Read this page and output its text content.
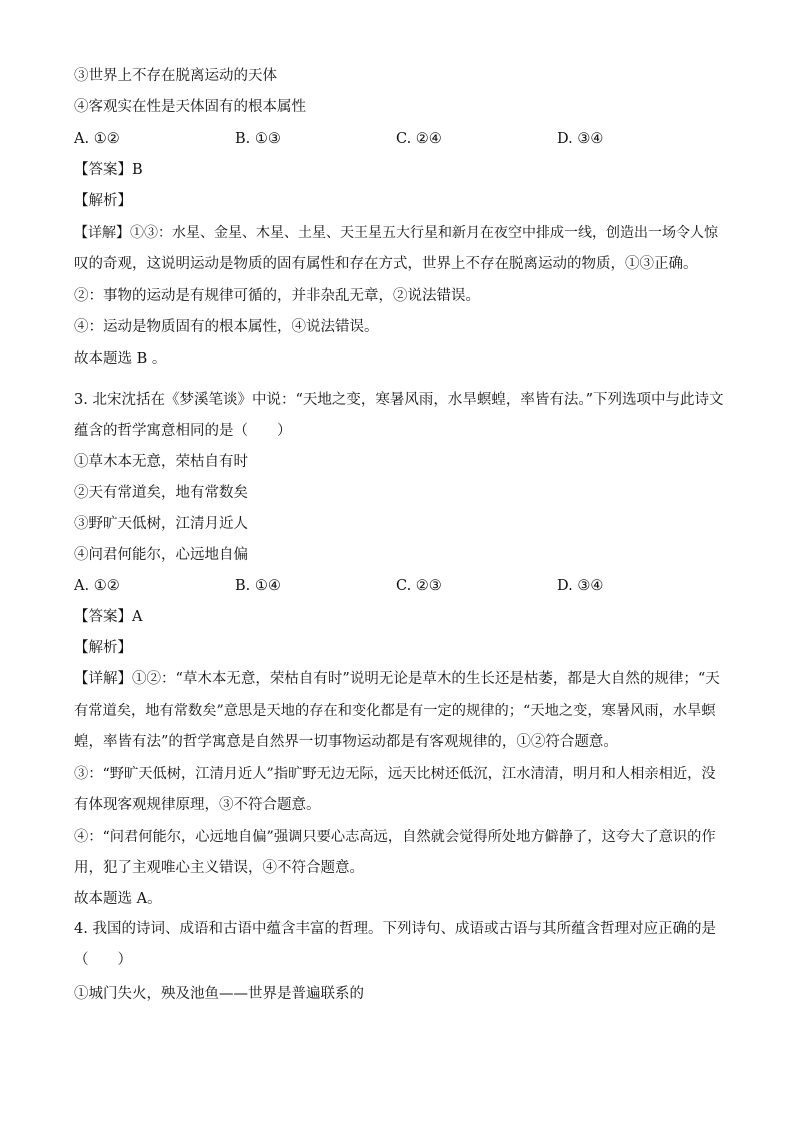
③世界上不存在脱离运动的天体
④客观实在性是天体固有的根本属性
A. ①②	B. ①③	C. ②④	D. ③④
【答案】B
【解析】
【详解】①③：水星、金星、木星、土星、天王星五大行星和新月在夜空中排成一线，创造出一场令人惊
叹的奇观，这说明运动是物质的固有属性和存在方式，世界上不存在脱离运动的物质，①③正确。
②：事物的运动是有规律可循的，并非杂乱无章，②说法错误。
④：运动是物质固有的根本属性，④说法错误。
故本题选 B 。
3. 北宋沈括在《梦溪笔谈》中说：“天地之变，寒暑风雨，水旱螟蝗，率皆有法。”下列选项中与此诗文
蕴含的哲学寓意相同的是（　　）
①草木本无意，荣枯自有时
②天有常道矣，地有常数矣
③野旷天低树，江清月近人
④问君何能尔，心远地自偏
A. ①②	B. ①④	C. ②③	D. ③④
【答案】A
【解析】
【详解】①②：“草木本无意，荣枯自有时”说明无论是草木的生长还是枯萎，都是大自然的规律；“天
有常道矣，地有常数矣”意思是天地的存在和变化都是有一定的规律的；“天地之变，寒暑风雨，水旱螟
蝗，率皆有法”的哲学寓意是自然界一切事物运动都是有客观规律的，①②符合题意。
③：“野旷天低树，江清月近人”指旷野无边无际，远天比树还低沉，江水清清，明月和人相亲相近，没
有体现客观规律原理，③不符合题意。
④：“问君何能尔，心远地自偏”强调只要心志高远，自然就会觉得所处地方僻静了，这夸大了意识的作
用，犯了主观唯心主义错误，④不符合题意。
故本题选 A。
4. 我国的诗词、成语和古语中蕴含丰富的哲理。下列诗句、成语或古语与其所蕴含哲理对应正确的是
（　　）
①城门失火，殃及池鱼——世界是普遍联系的
